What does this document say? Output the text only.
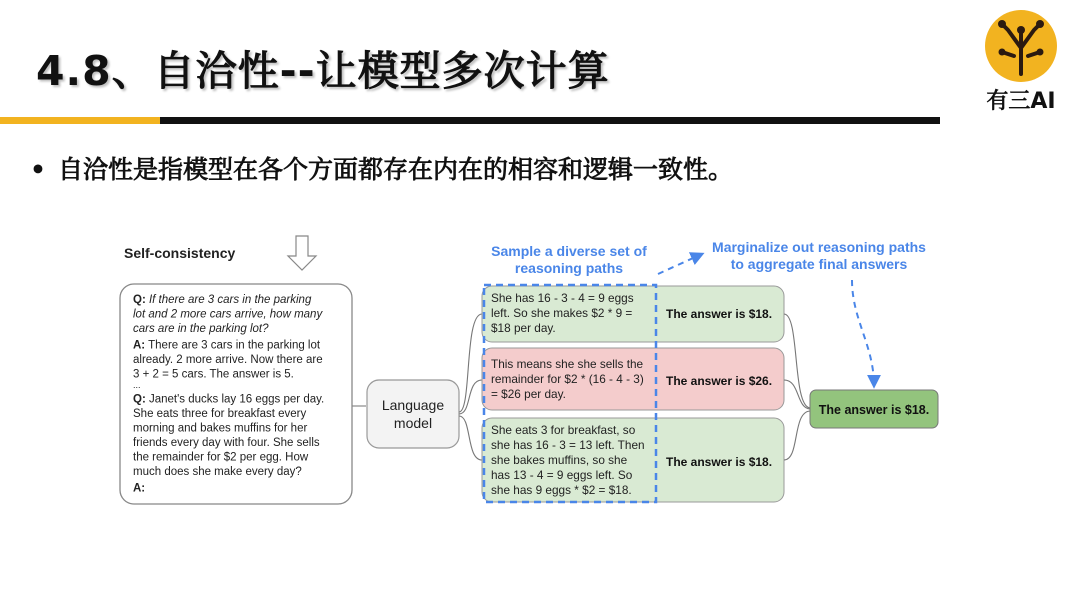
4.8、自洽性--让模型多次计算
有三AI
• 自洽性是指模型在各个方面都存在内在的相容和逻辑一致性。
Self-consistency
Q: If there are 3 cars in the parking
lot and 2 more cars arrive, how many
cars are in the parking lot?
A: There are 3 cars in the parking lot
already. 2 more arrive. Now there are
3 + 2 = 5 cars. The answer is 5.
...
Q: Janet's ducks lay 16 eggs per day.
She eats three for breakfast every
morning and bakes muffins for her
friends every day with four. She sells
the remainder for $2 per egg. How
much does she make every day?
A:
Language
model
She has 16 - 3 - 4 = 9 eggs
left. So she makes $2 * 9 =
$18 per day.
The answer is $18.
This means she she sells the
remainder for $2 * (16 - 4 - 3)
= $26 per day.
The answer is $26.
She eats 3 for breakfast, so
she has 16 - 3 = 13 left. Then
she bakes muffins, so she
has 13 - 4 = 9 eggs left. So
she has 9 eggs * $2 = $18.
The answer is $18.
Sample a diverse set of
reasoning paths
Marginalize out reasoning paths
to aggregate final answers
The answer is $18.
